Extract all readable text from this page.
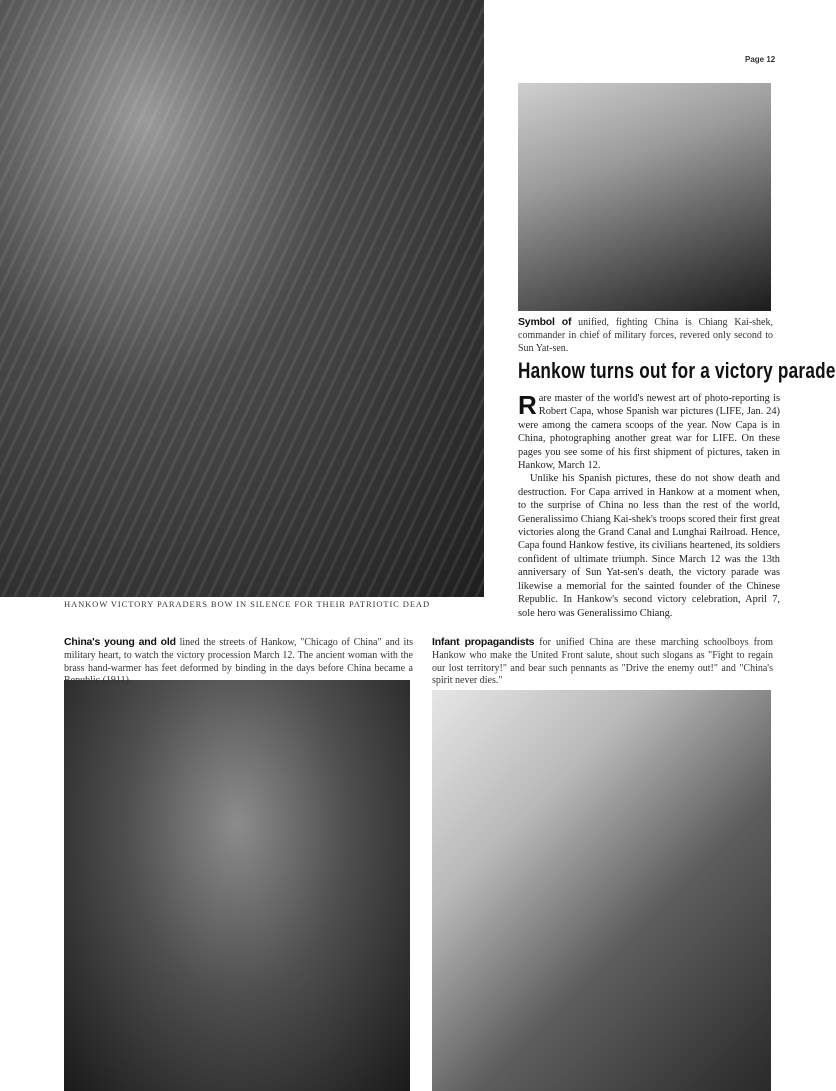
Page 12
HANKOW VICTORY PARADERS BOW IN SILENCE FOR THEIR PATRIOTIC DEAD
Symbol of unified, fighting China is Chiang Kai-shek, commander in chief of military forces, revered only second to Sun Yat-sen.
Hankow turns out for a victory parade

Rare master of the world's newest art of photo-reporting is Robert Capa, whose Spanish war pictures (LIFE, Jan. 24) were among the camera scoops of the year. Now Capa is in China, photographing another great war for LIFE. On these pages you see some of his first shipment of pictures, taken in Hankow, March 12.

Unlike his Spanish pictures, these do not show death and destruction. For Capa arrived in Hankow at a moment when, to the surprise of China no less than the rest of the world, Generalissimo Chiang Kai-shek's troops scored their first great victories along the Grand Canal and Lunghai Railroad. Hence, Capa found Hankow festive, its civilians heartened, its soldiers confident of ultimate triumph. Since March 12 was the 13th anniversary of Sun Yat-sen's death, the victory parade was likewise a memorial for the sainted founder of the Chinese Republic. In Hankow's second victory celebration, April 7, sole hero was Generalissimo Chiang.

China's young and old lined the streets of Hankow, "Chicago of China" and its military heart, to watch the victory procession March 12. The ancient woman with the brass hand-warmer has feet deformed by binding in the days before China became a Republic (1911).
Infant propagandists for unified China are these marching schoolboys from Hankow who make the United Front salute, shout such slogans as "Fight to regain our lost territory!" and bear such pennants as "Drive the enemy out!" and "China's spirit never dies."
